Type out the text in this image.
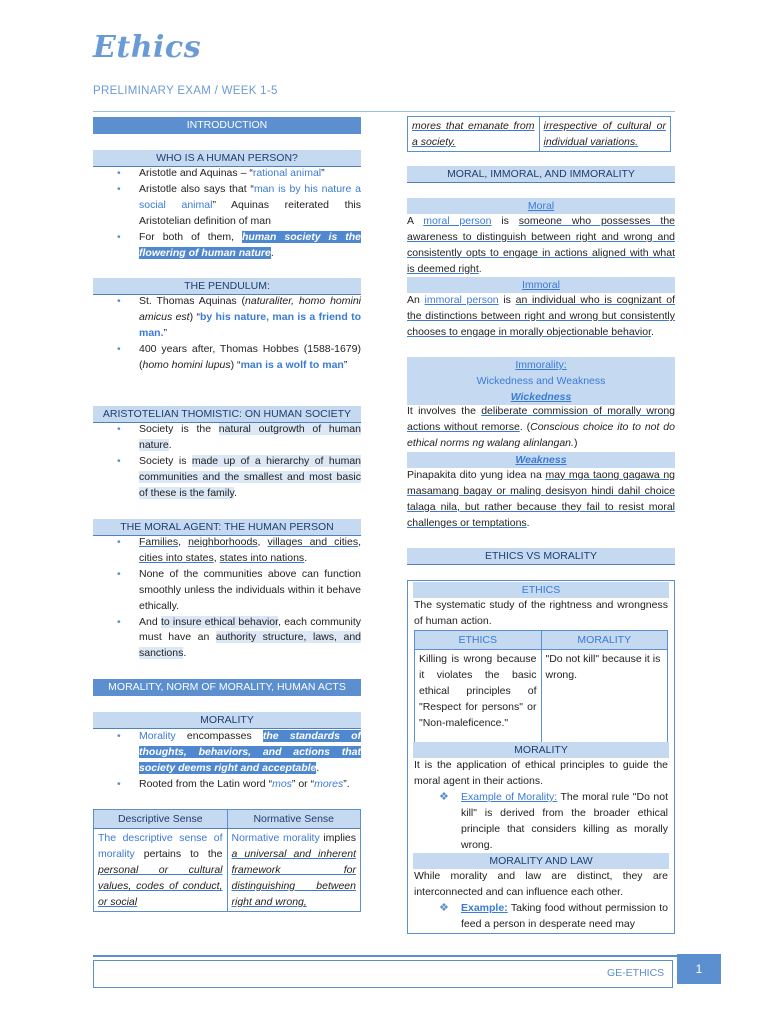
Ethics
PRELIMINARY EXAM / WEEK 1-5
INTRODUCTION
WHO IS A HUMAN PERSON?
• Aristotle and Aquinas – “rational animal”
• Aristotle also says that “man is by his nature a social animal” Aquinas reiterated this Aristotelian definition of man
• For both of them, human society is the flowering of human nature.
THE PENDULUM:
• St. Thomas Aquinas (naturaliter, homo homini amicus est) “by his nature, man is a friend to man.”
• 400 years after, Thomas Hobbes (1588-1679) (homo homini lupus) “man is a wolf to man”
ARISTOTELIAN THOMISTIC: ON HUMAN SOCIETY
• Society is the natural outgrowth of human nature.
• Society is made up of a hierarchy of human communities and the smallest and most basic of these is the family.
THE MORAL AGENT: THE HUMAN PERSON
• Families, neighborhoods, villages and cities, cities into states, states into nations.
• None of the communities above can function smoothly unless the individuals within it behave ethically.
• And to insure ethical behavior, each community must have an authority structure, laws, and sanctions.
MORALITY, NORM OF MORALITY, HUMAN ACTS
MORALITY
• Morality encompasses the standards of thoughts, behaviors, and actions that society deems right and acceptable.
• Rooted from the Latin word “mos” or “mores”.
Descriptive Sense	Normative Sense
The descriptive sense of morality pertains to the personal or cultural values, codes of conduct, or social	Normative morality implies a universal and inherent framework for distinguishing between right and wrong,
mores that emanate from a society.	irrespective of cultural or individual variations.
MORAL, IMMORAL, AND IMMORALITY
Moral
A moral person is someone who possesses the awareness to distinguish between right and wrong and consistently opts to engage in actions aligned with what is deemed right.
Immoral
An immoral person is an individual who is cognizant of the distinctions between right and wrong but consistently chooses to engage in morally objectionable behavior.
Immorality:
Wickedness and Weakness
Wickedness
It involves the deliberate commission of morally wrong actions without remorse. (Conscious choice ito to not do ethical norms ng walang alinlangan.)
Weakness
Pinapakita dito yung idea na may mga taong gagawa ng masamang bagay or maling desisyon hindi dahil choice talaga nila, but rather because they fail to resist moral challenges or temptations.
ETHICS VS MORALITY
ETHICS
The systematic study of the rightness and wrongness of human action.
ETHICS	MORALITY
Killing is wrong because it violates the basic ethical principles of "Respect for persons" or "Non-maleficence."	"Do not kill" because it is wrong.
MORALITY
It is the application of ethical principles to guide the moral agent in their actions.
❖ Example of Morality: The moral rule "Do not kill" is derived from the broader ethical principle that considers killing as morally wrong.
MORALITY AND LAW
While morality and law are distinct, they are interconnected and can influence each other.
❖ Example: Taking food without permission to feed a person in desperate need may
GE-ETHICS	1
